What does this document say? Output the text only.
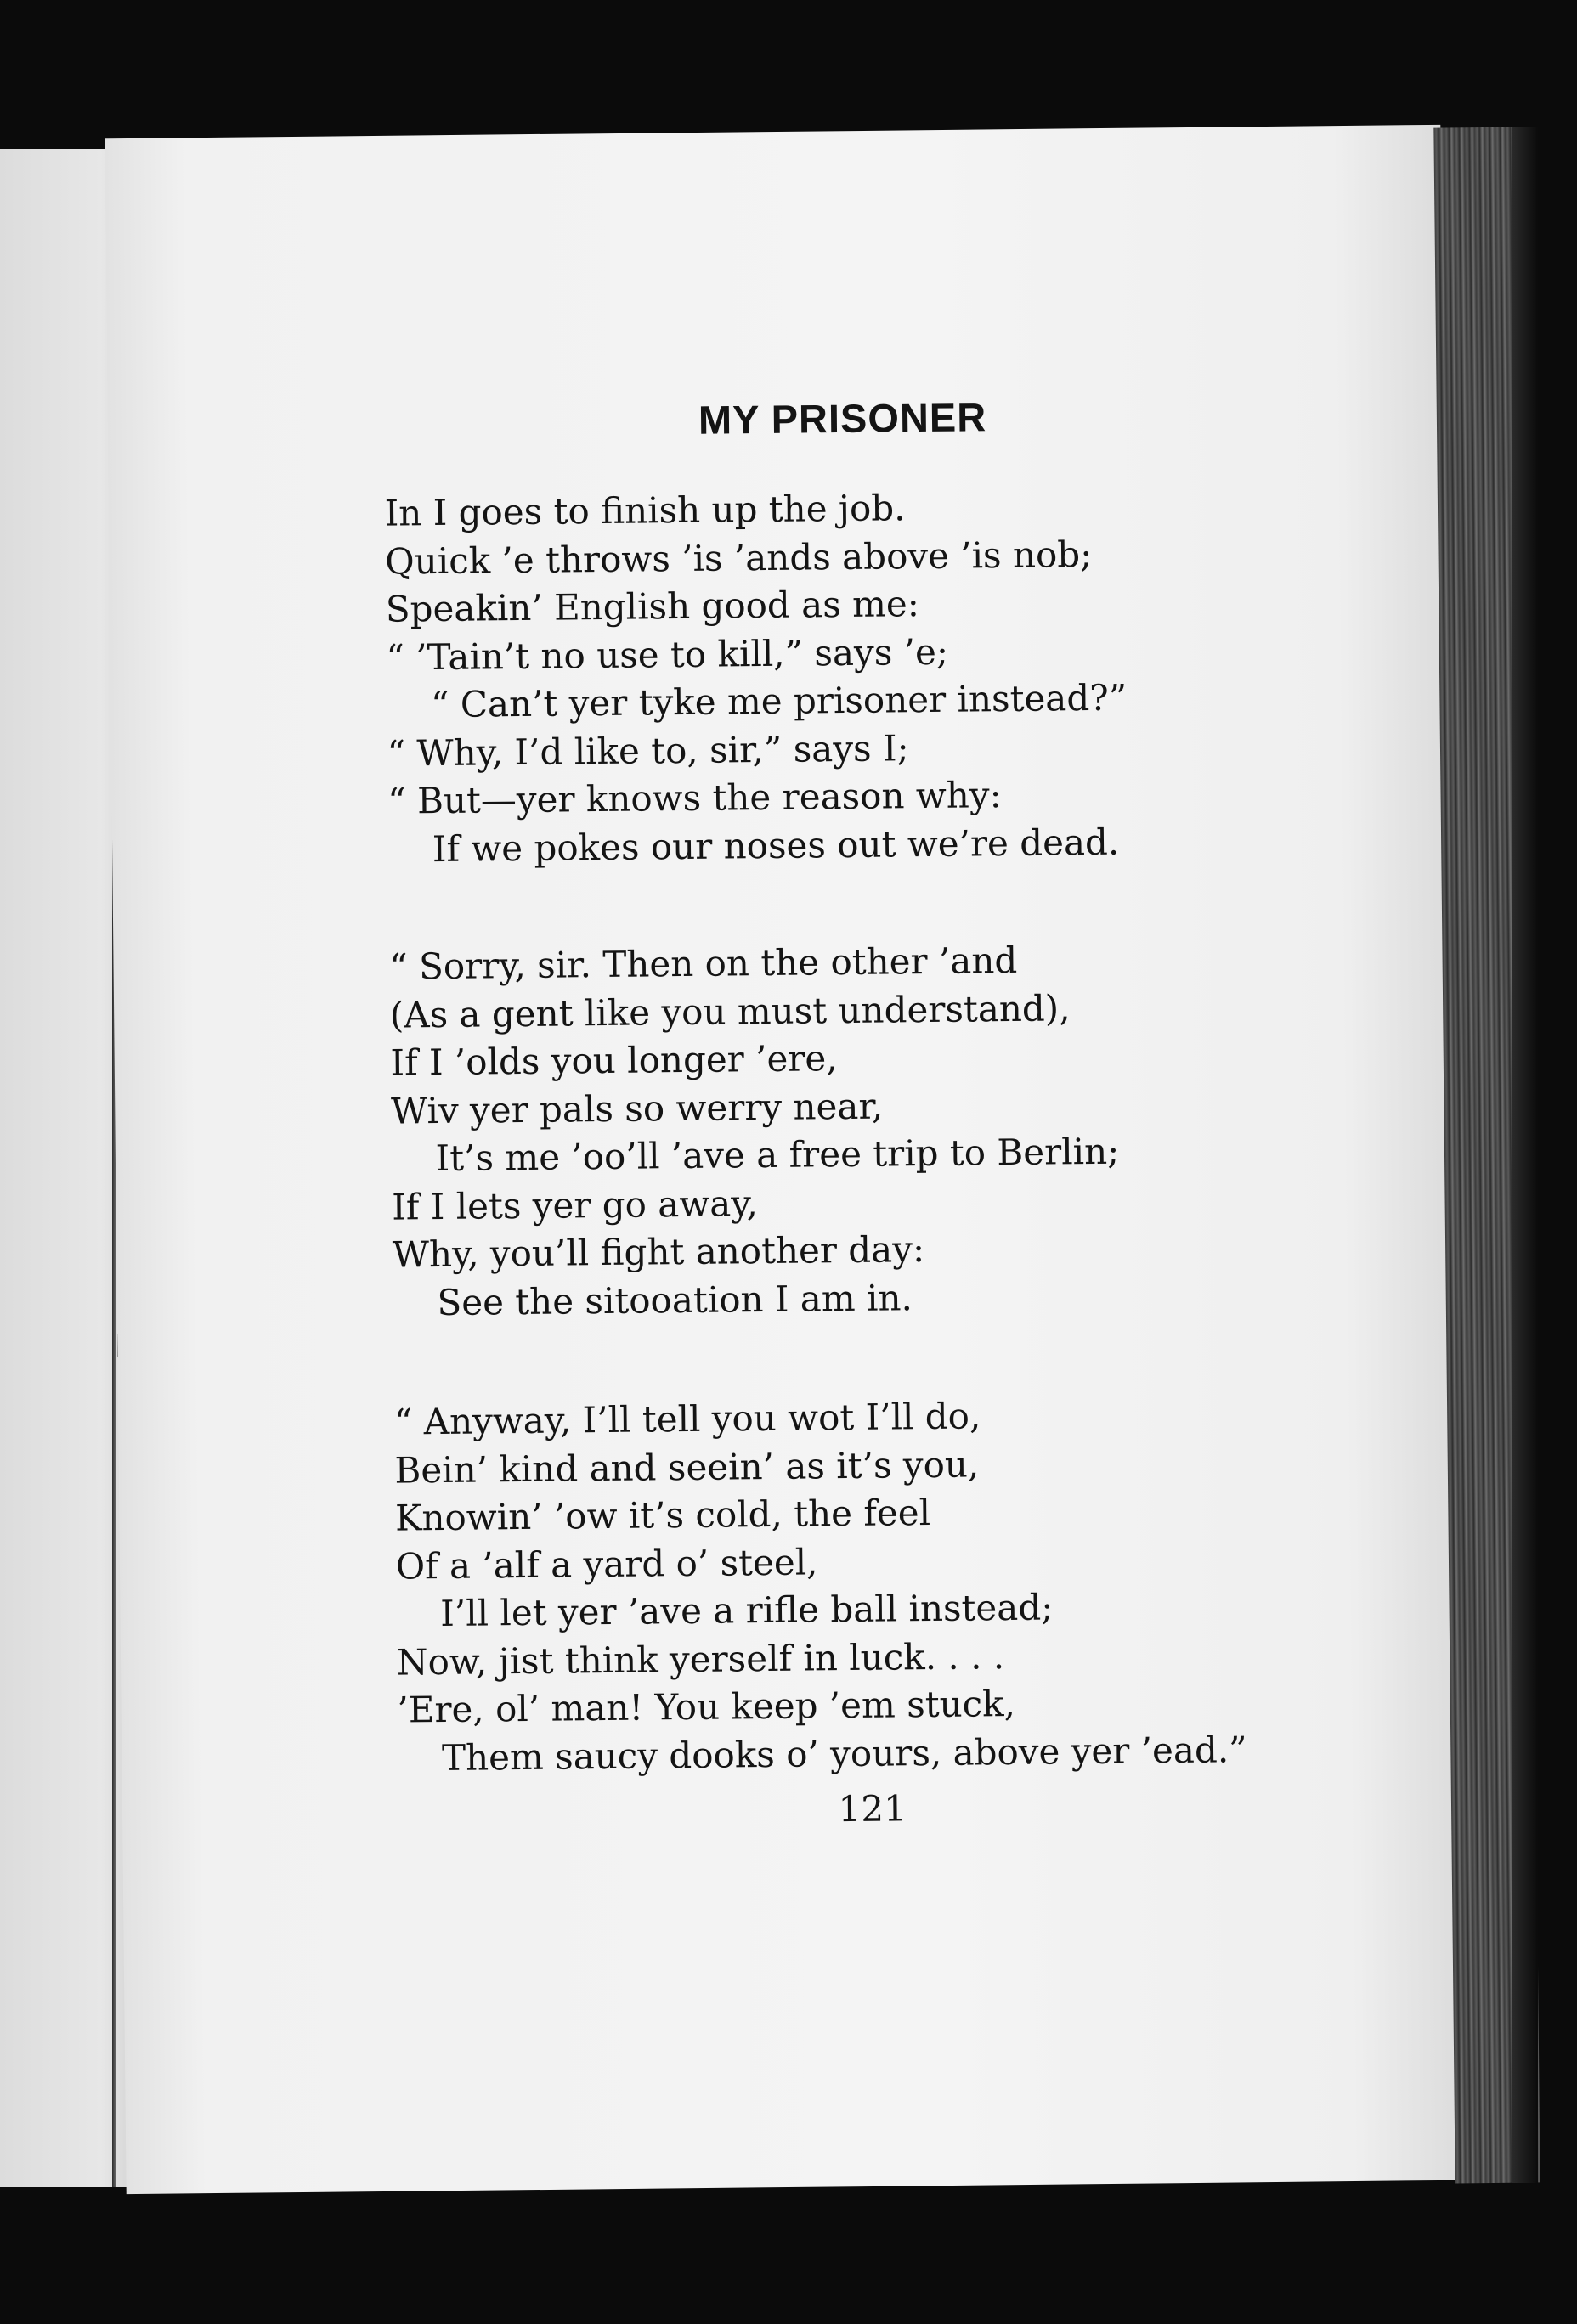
MY PRISONER
In I goes to finish up the job.
Quick ’e throws ’is ’ands above ’is nob;
Speakin’ English good as me:
“ ’Tain’t no use to kill,” says ’e;
“ Can’t yer tyke me prisoner instead?”
“ Why, I’d like to, sir,” says I;
“ But—yer knows the reason why:
If we pokes our noses out we’re dead.
“ Sorry, sir. Then on the other ’and
(As a gent like you must understand),
If I ’olds you longer ’ere,
Wiv yer pals so werry near,
It’s me ’oo’ll ’ave a free trip to Berlin;
If I lets yer go away,
Why, you’ll fight another day:
See the sitooation I am in.
“ Anyway, I’ll tell you wot I’ll do,
Bein’ kind and seein’ as it’s you,
Knowin’ ’ow it’s cold, the feel
Of a ’alf a yard o’ steel,
I’ll let yer ’ave a rifle ball instead;
Now, jist think yerself in luck. . . .
’Ere, ol’ man! You keep ’em stuck,
Them saucy dooks o’ yours, above yer ’ead.”
121
